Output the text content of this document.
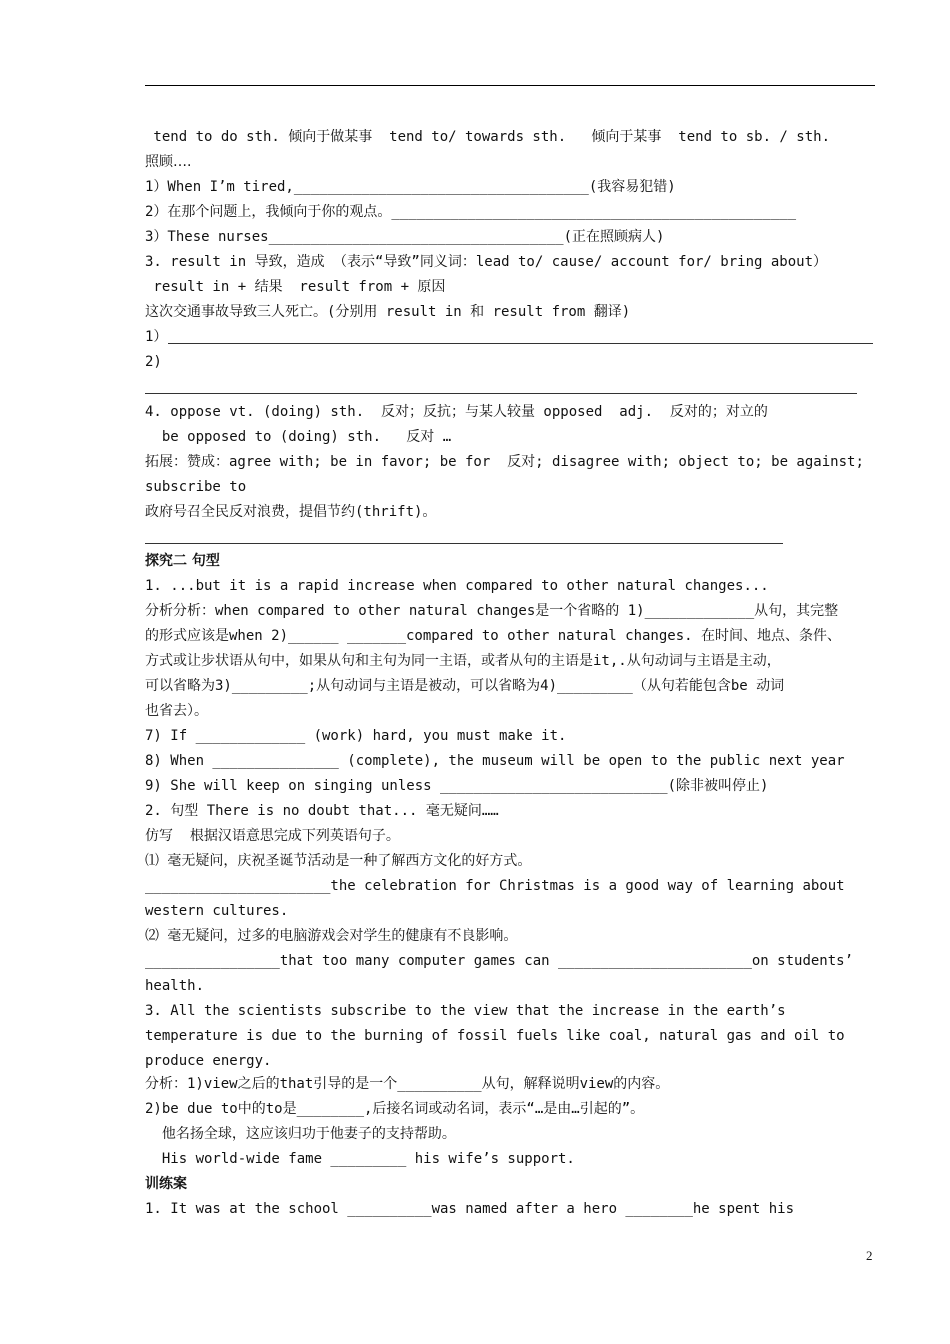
tend to do sth. 倾向于做某事  tend to/ towards sth.   倾向于某事  tend to sb. / sth.
照顾….
1）When I’m tired,___________________________________(我容易犯错)
2）在那个问题上，我倾向于你的观点。________________________________________________
3）These nurses___________________________________(正在照顾病人)
3. result in 导致，造成 （表示“导致”同义词：lead to/ cause/ account for/ bring about）
result in + 结果  result from + 原因
这次交通事故导致三人死亡。(分别用 result in 和 result from 翻译)
1）
2)
4. oppose vt. (doing) sth.  反对；反抗；与某人较量 opposed  adj.  反对的；对立的
be opposed to (doing) sth.   反对 …
拓展：赞成：agree with; be in favor; be for  反对; disagree with; object to; be against;
subscribe to
政府号召全民反对浪费，提倡节约(thrift)。
探究二 句型
1. ...but it is a rapid increase when compared to other natural changes...
分析分析：when compared to other natural changes是一个省略的 1)_____________从句，其完整
的形式应该是when 2)______ _______compared to other natural changes. 在时间、地点、条件、
方式或让步状语从句中，如果从句和主句为同一主语，或者从句的主语是it,.从句动词与主语是主动，
可以省略为3)_________;从句动词与主语是被动，可以省略为4)_________（从句若能包含be 动词
也省去）。
7) If _____________ (work) hard, you must make it.
8) When _______________ (complete), the museum will be open to the public next year
9) She will keep on singing unless ___________________________(除非被叫停止)
2. 句型 There is no doubt that... 毫无疑问……
仿写  根据汉语意思完成下列英语句子。
⑴ 毫无疑问，庆祝圣诞节活动是一种了解西方文化的好方式。
______________________the celebration for Christmas is a good way of learning about
western cultures.
⑵ 毫无疑问，过多的电脑游戏会对学生的健康有不良影响。
________________that too many computer games can _______________________on students’
health.
3. All the scientists subscribe to the view that the increase in the earth’s
temperature is due to the burning of fossil fuels like coal, natural gas and oil to
produce energy.
分析：1)view之后的that引导的是一个__________从句，解释说明view的内容。
2)be due to中的to是________,后接名词或动名词，表示“…是由…引起的”。
他名扬全球，这应该归功于他妻子的支持帮助。
His world-wide fame _________ his wife’s support.
训练案
1. It was at the school __________was named after a hero ________he spent his
2
